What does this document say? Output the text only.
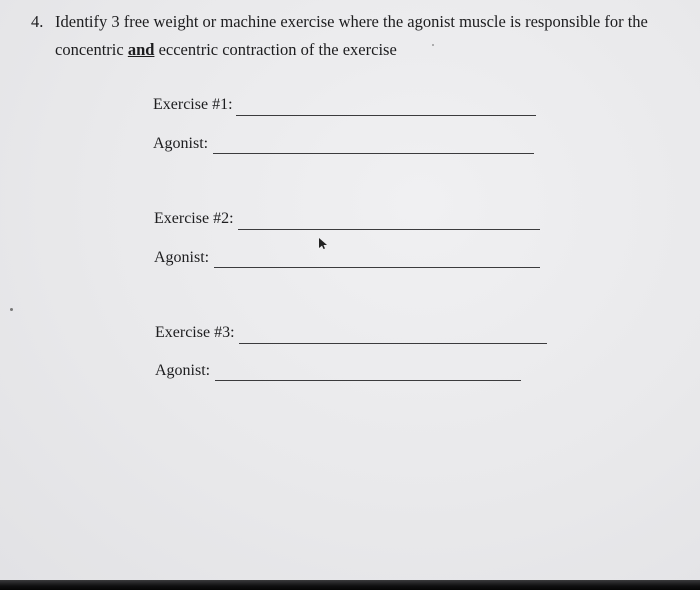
4. Identify 3 free weight or machine exercise where the agonist muscle is responsible for the
concentric and eccentric contraction of the exercise
Exercise #1:
Agonist:
Exercise #2:
Agonist:
Exercise #3:
Agonist:
